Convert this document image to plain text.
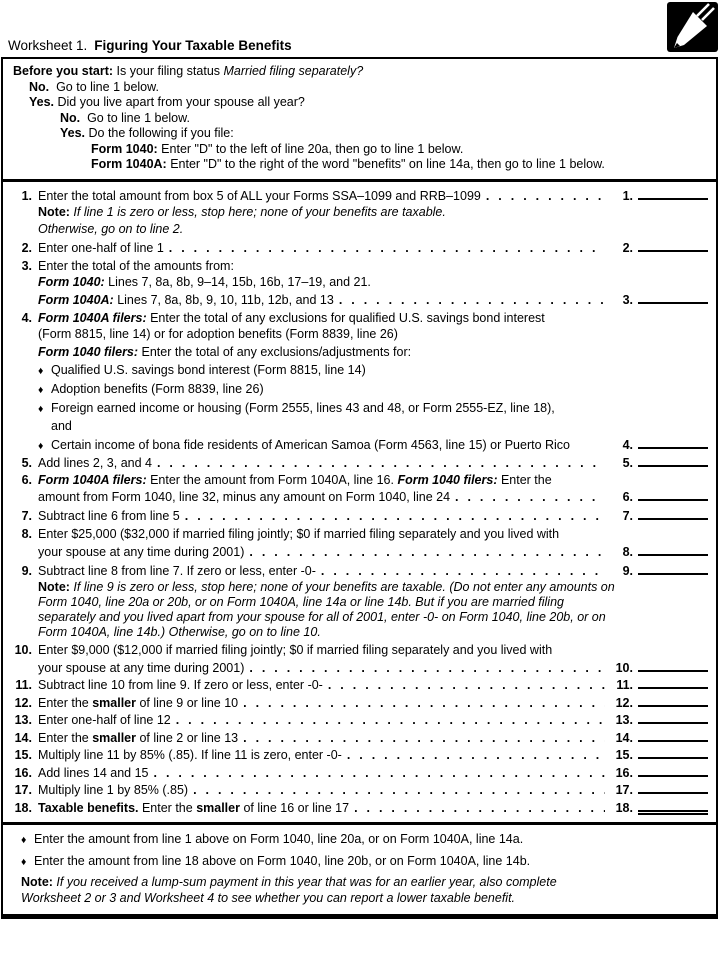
Worksheet 1. Figuring Your Taxable Benefits
Before you start: Is your filing status Married filing separately?
No.  Go to line 1 below.
Yes. Did you live apart from your spouse all year?
No.  Go to line 1 below.
Yes. Do the following if you file:
Form 1040: Enter "D" to the left of line 20a, then go to line 1 below.
Form 1040A: Enter "D" to the right of the word "benefits" on line 14a, then go to line 1 below.
1. Enter the total amount from box 5 of ALL your Forms SSA–1099 and RRB–1099 . . .	1.
Note: If line 1 is zero or less, stop here; none of your benefits are taxable.
Otherwise, go on to line 2.
2. Enter one-half of line 1 . . .	2.
3. Enter the total of the amounts from:
Form 1040: Lines 7, 8a, 8b, 9–14, 15b, 16b, 17–19, and 21.
Form 1040A: Lines 7, 8a, 8b, 9, 10, 11b, 12b, and 13 . . .	3.
4. Form 1040A filers: Enter the total of any exclusions for qualified U.S. savings bond interest
(Form 8815, line 14) or for adoption benefits (Form 8839, line 26)
Form 1040 filers: Enter the total of any exclusions/adjustments for:
♦ Qualified U.S. savings bond interest (Form 8815, line 14)
♦ Adoption benefits (Form 8839, line 26)
♦ Foreign earned income or housing (Form 2555, lines 43 and 48, or Form 2555-EZ, line 18),
and
♦ Certain income of bona fide residents of American Samoa (Form 4563, line 15) or Puerto Rico	4.
5. Add lines 2, 3, and 4 . . .	5.
6. Form 1040A filers: Enter the amount from Form 1040A, line 16. Form 1040 filers: Enter the
amount from Form 1040, line 32, minus any amount on Form 1040, line 24 . . .	6.
7. Subtract line 6 from line 5 . . .	7.
8. Enter $25,000 ($32,000 if married filing jointly; $0 if married filing separately and you lived with
your spouse at any time during 2001) . . .	8.
9. Subtract line 8 from line 7. If zero or less, enter -0- . . .	9.
Note: If line 9 is zero or less, stop here; none of your benefits are taxable. (Do not enter any amounts on Form 1040, line 20a or 20b, or on Form 1040A, line 14a or line 14b. But if you are married filing separately and you lived apart from your spouse for all of 2001, enter -0- on Form 1040, line 20b, or on Form 1040A, line 14b.) Otherwise, go on to line 10.
10. Enter $9,000 ($12,000 if married filing jointly; $0 if married filing separately and you lived with
your spouse at any time during 2001) . . .	10.
11. Subtract line 10 from line 9. If zero or less, enter -0- . . .	11.
12. Enter the smaller of line 9 or line 10 . . .	12.
13. Enter one-half of line 12 . . .	13.
14. Enter the smaller of line 2 or line 13 . . .	14.
15. Multiply line 11 by 85% (.85). If line 11 is zero, enter -0- . . .	15.
16. Add lines 14 and 15 . . .	16.
17. Multiply line 1 by 85% (.85) . . .	17.
18. Taxable benefits. Enter the smaller of line 16 or line 17 . . .	18.
♦ Enter the amount from line 1 above on Form 1040, line 20a, or on Form 1040A, line 14a.
♦ Enter the amount from line 18 above on Form 1040, line 20b, or on Form 1040A, line 14b.
Note: If you received a lump-sum payment in this year that was for an earlier year, also complete Worksheet 2 or 3 and Worksheet 4 to see whether you can report a lower taxable benefit.
